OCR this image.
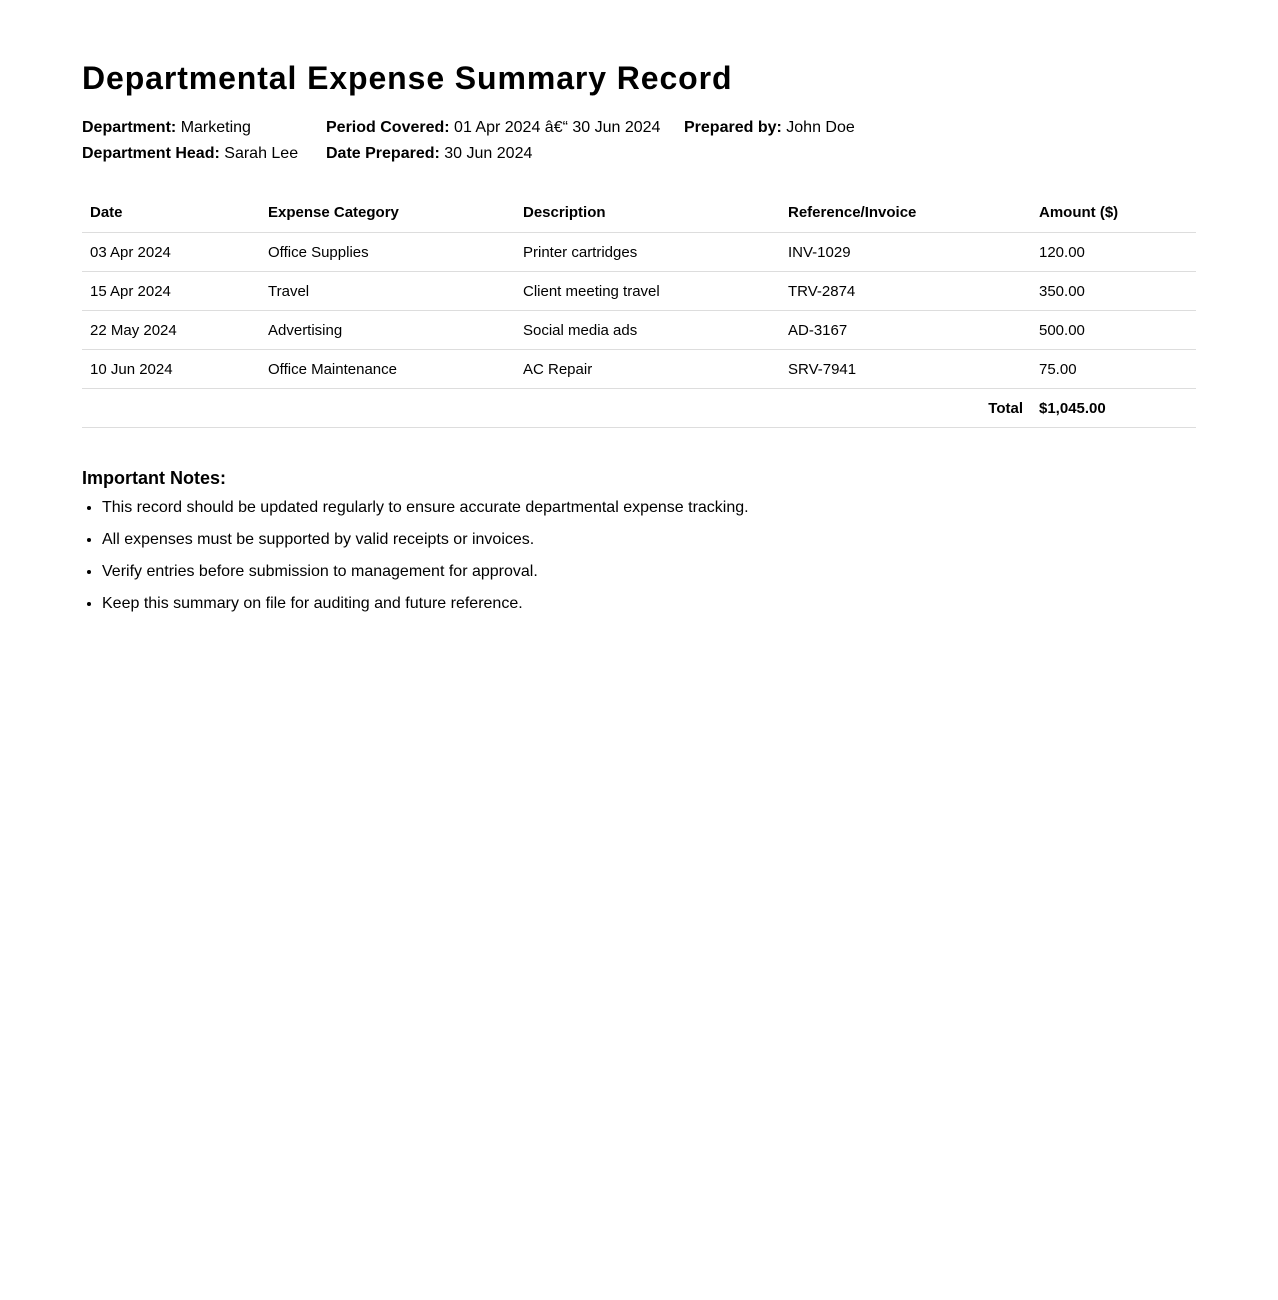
Departmental Expense Summary Record
Department: Marketing
Department Head: Sarah Lee
Period Covered: 01 Apr 2024 â€“ 30 Jun 2024
Date Prepared: 30 Jun 2024
Prepared by: John Doe
Date	Expense Category	Description	Reference/Invoice	Amount ($)
03 Apr 2024	Office Supplies	Printer cartridges	INV-1029	120.00
15 Apr 2024	Travel	Client meeting travel	TRV-2874	350.00
22 May 2024	Advertising	Social media ads	AD-3167	500.00
10 Jun 2024	Office Maintenance	AC Repair	SRV-7941	75.00
Total				$1,045.00
Important Notes:
• This record should be updated regularly to ensure accurate departmental expense tracking.
• All expenses must be supported by valid receipts or invoices.
• Verify entries before submission to management for approval.
• Keep this summary on file for auditing and future reference.
